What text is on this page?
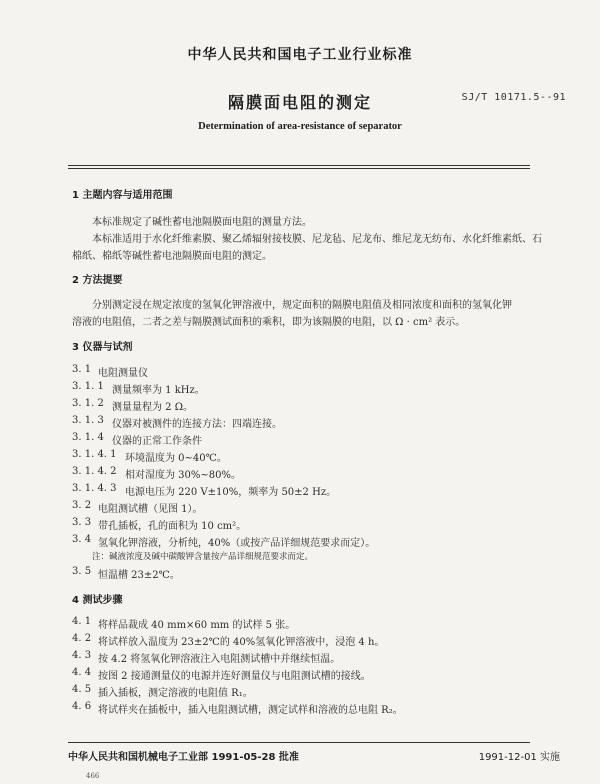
中华人民共和国电子工业行业标准
隔膜面电阻的测定	SJ/T 10171.5--91
Determination of area-resistance of separator
1 主题内容与适用范围
本标准规定了碱性蓄电池隔膜面电阻的测量方法。
本标准适用于水化纤维素膜、聚乙烯辐射接枝膜、尼龙毡、尼龙布、维尼龙无纺布、水化纤维素纸、石
棉纸、棉纸等碱性蓄电池隔膜面电阻的测定。
2 方法提要
分别测定浸在规定浓度的氢氧化钾溶液中，规定面积的隔膜电阻值及相同浓度和面积的氢氧化钾
溶液的电阻值，二者之差与隔膜测试面积的乘积，即为该隔膜的电阻，以 Ω · cm² 表示。
3 仪器与试剂
3. 1 电阻测量仪
3. 1. 1 测量频率为 1 kHz。
3. 1. 2 测量量程为 2 Ω。
3. 1. 3 仪器对被测件的连接方法：四端连接。
3. 1. 4 仪器的正常工作条件
3. 1. 4. 1 环境温度为 0~40℃。
3. 1. 4. 2 相对湿度为 30%~80%。
3. 1. 4. 3 电源电压为 220 V±10%，频率为 50±2 Hz。
3. 2 电阻测试槽（见图 1）。
3. 3 带孔插板，孔的面积为 10 cm²。
3. 4 氢氧化钾溶液，分析纯，40%（或按产品详细规范要求而定）。
注：碱液浓度及碱中碳酸钾含量按产品详细规范要求而定。
3. 5 恒温槽 23±2℃。
4 测试步骤
4. 1 将样品裁成 40 mm×60 mm 的试样 5 张。
4. 2 将试样放入温度为 23±2℃的 40%氢氧化钾溶液中，浸泡 4 h。
4. 3 按 4.2 将氢氧化钾溶液注入电阻测试槽中并继续恒温。
4. 4 按图 2 接通测量仪的电源并连好测量仪与电阻测试槽的接线。
4. 5 插入插板，测定溶液的电阻值 R₁。
4. 6 将试样夹在插板中，插入电阻测试槽，测定试样和溶液的总电阻 R₂。
中华人民共和国机械电子工业部 1991-05-28 批准	1991-12-01 实施
466
